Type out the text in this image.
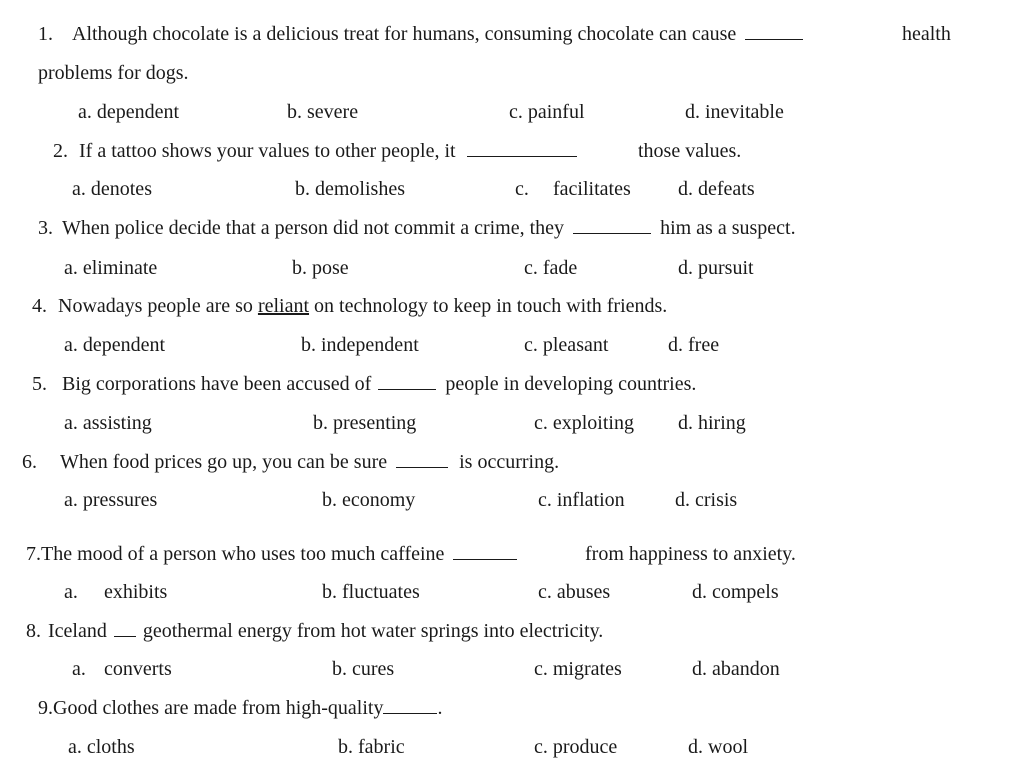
1. Although chocolate is a delicious treat for humans, consuming chocolate can cause	health
problems for dogs.
a. dependent	b. severe	c. painful	d. inevitable
2. If a tattoo shows your values to other people, it	those values.
a. denotes	b. demolishes	c. facilitates d. defeats
3. When police decide that a person did not commit a crime, they	him as a suspect.
a. eliminate	b. pose	c. fade	d. pursuit
4. Nowadays people are so reliant on technology to keep in touch with friends.
a. dependent	b. independent	c. pleasant	d. free
5. Big corporations have been accused of	people in developing countries.
a. assisting	b. presenting	c. exploiting d. hiring
6. When food prices go up, you can be sure	is occurring.
a. pressures	b. economy	c. inflation	d. crisis
7.The mood of a person who uses too much caffeine	from happiness to anxiety.
a. exhibits	b. fluctuates	c. abuses	d. compels
8. Iceland geothermal energy from hot water springs into electricity.
a. converts	b. cures	c. migrates	d. abandon
9.Good clothes are made from high-quality	.
a. cloths	b. fabric	c. produce	d. wool
